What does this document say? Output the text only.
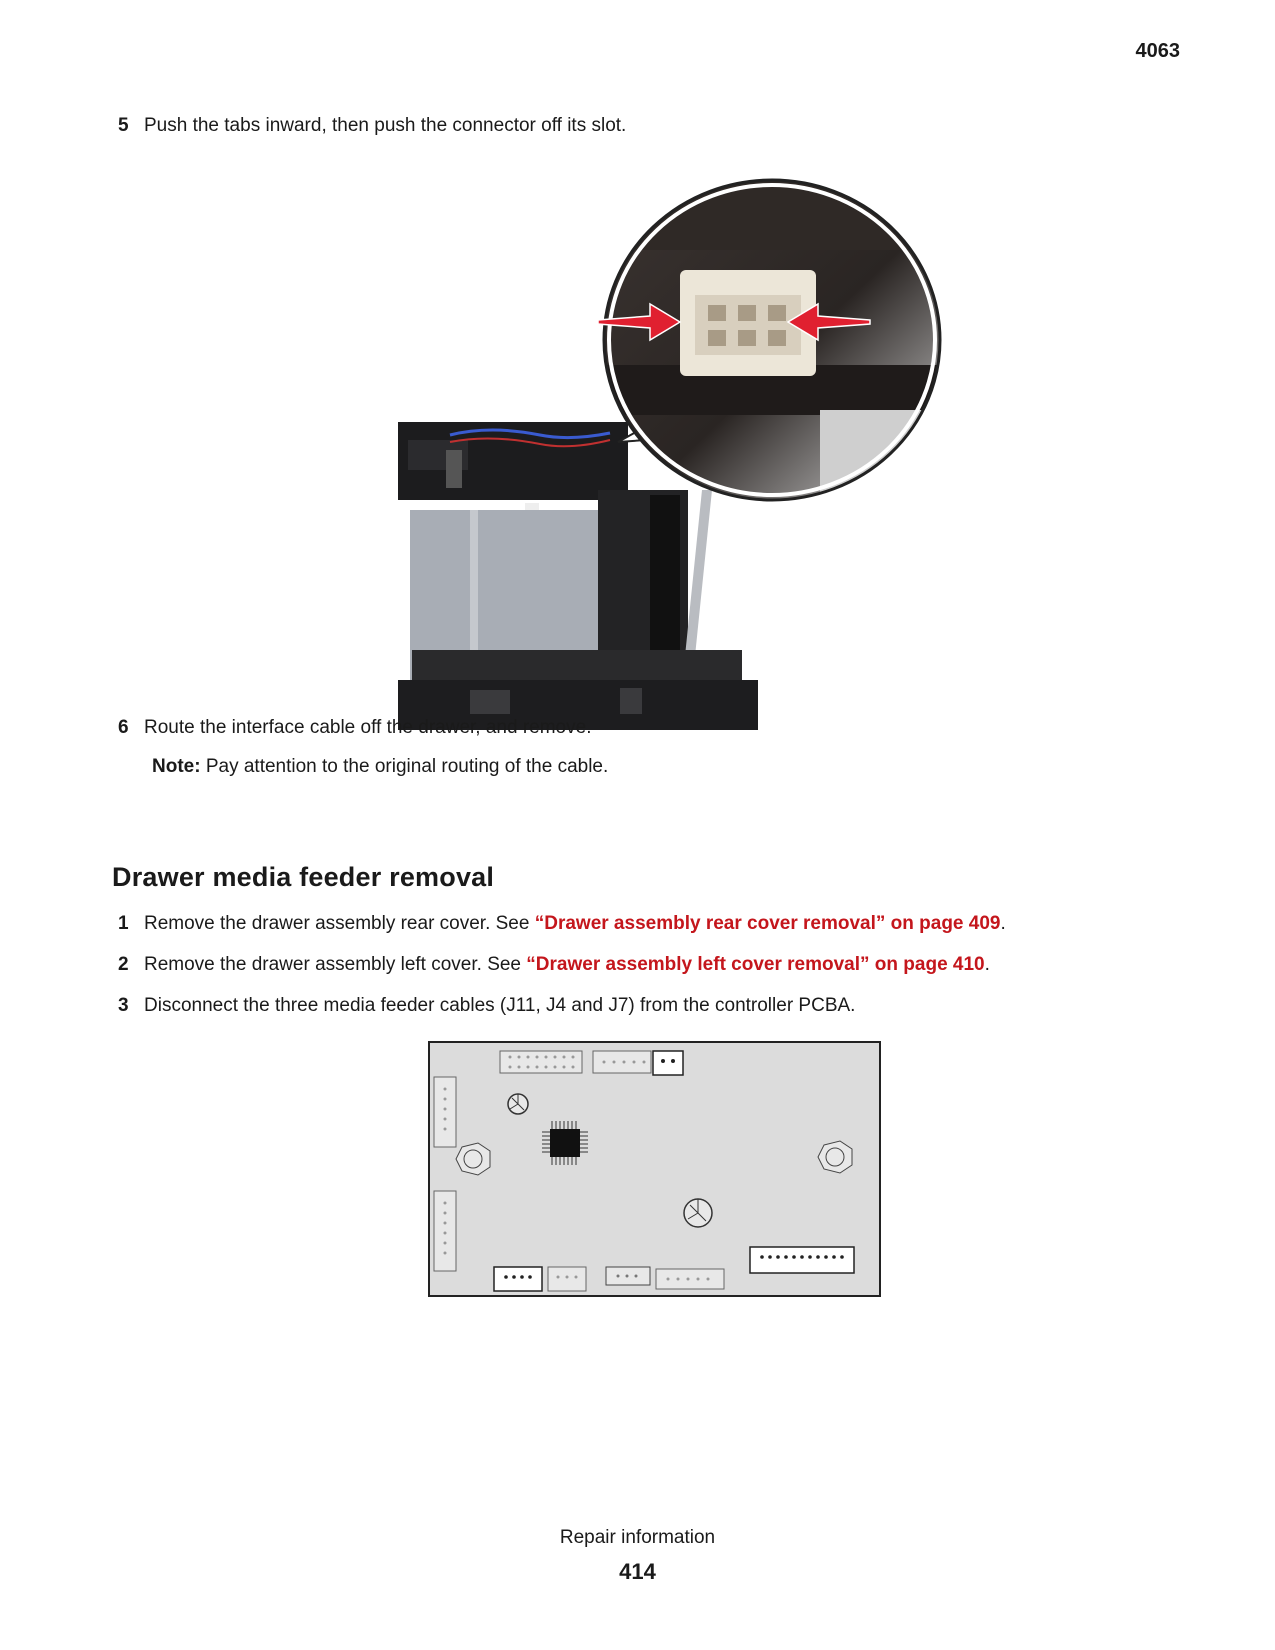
4063
5 Push the tabs inward, then push the connector off its slot.
6 Route the interface cable off the drawer, and remove.
Note: Pay attention to the original routing of the cable.
Drawer media feeder removal
1 Remove the drawer assembly rear cover. See “Drawer assembly rear cover removal” on page 409.
2 Remove the drawer assembly left cover. See “Drawer assembly left cover removal” on page 410.
3 Disconnect the three media feeder cables (J11, J4 and J7) from the controller PCBA.
Repair information
414
